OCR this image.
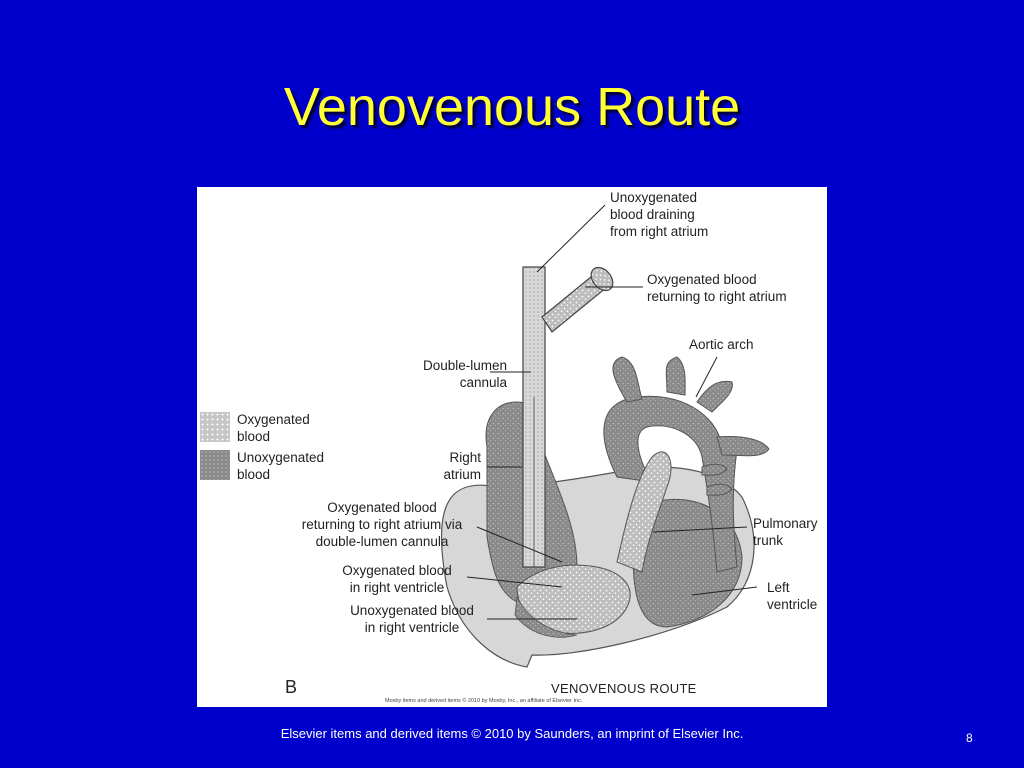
Venovenous Route
Oxygenated
blood
Unoxygenated
blood
Unoxygenated
blood draining
from right atrium
Oxygenated blood
returning to right atrium
Aortic arch
Double-lumen
cannula
Right
atrium
Oxygenated blood
returning to right atrium via
double-lumen cannula
Oxygenated blood
in right ventricle
Unoxygenated blood
in right ventricle
Pulmonary
trunk
Left
ventricle
B	VENOVENOUS ROUTE
Mosby items and derived items © 2010 by Mosby, Inc., an affiliate of Elsevier Inc.
Elsevier items and derived items © 2010 by Saunders, an imprint of Elsevier Inc.	8
